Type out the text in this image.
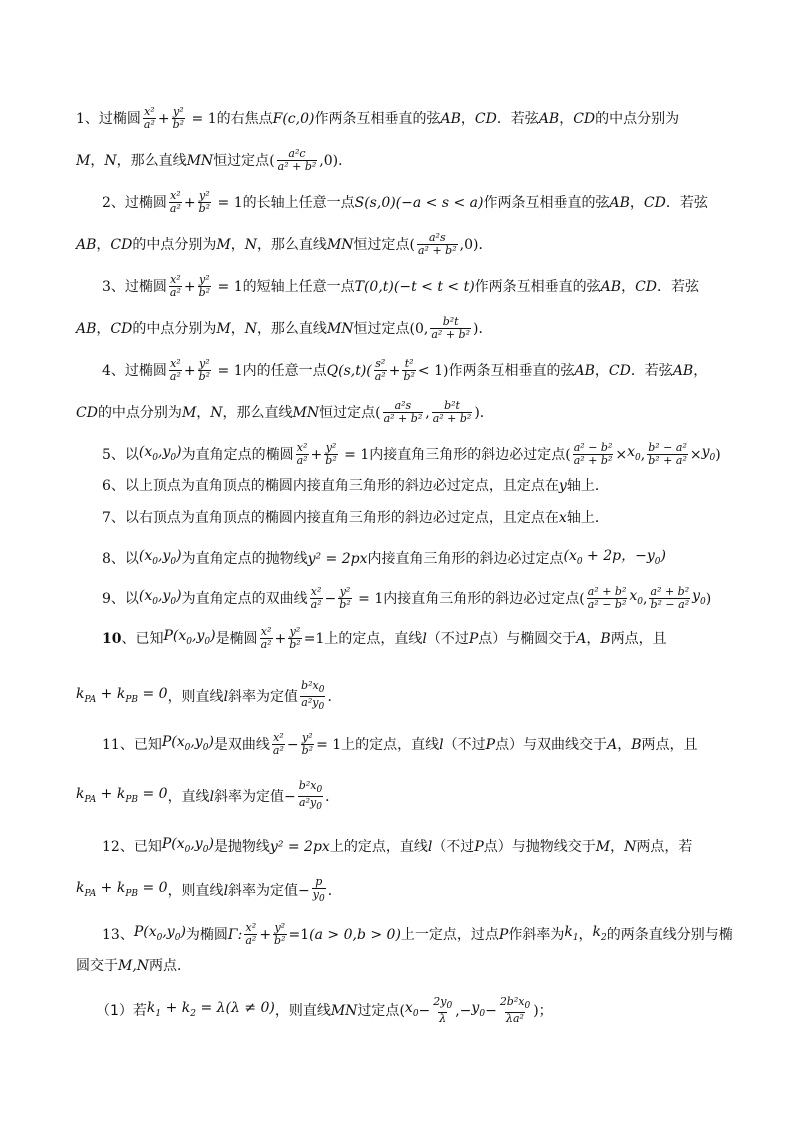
1、 过椭圆 x²
a² + y²
b² = 1 的右焦点 F(c,0) 作两条互相垂直的弦 AB ， CD ．若弦 AB ， CD 的中点分别为
M ， N ，那么直线 MN 恒过定点 ( a²c
a² + b² ,0) ．
2、 过椭圆 x²
a² + y²
b² = 1 的长轴上任意一点 S(s,0)(−a < s < a) 作两条互相垂直的弦 AB ， CD ．若弦
AB ， CD 的中点分别为 M ， N ，那么直线 MN 恒过定点 ( a²s
a² + b² ,0) ．
3、 过椭圆 x²
a² + y²
b² = 1 的短轴上任意一点 T(0,t)(−t < t < t) 作两条互相垂直的弦 AB ， CD ．若弦
AB ， CD 的中点分别为 M ， N ，那么直线 MN 恒过定点 (0, b²t
a² + b² ) ．
4、 过椭圆 x²
a² + y²
b² = 1 内的任意一点 Q(s,t)( s²
a² + t²
b² < 1) 作两条互相垂直的弦 AB ， CD ．若弦 AB ，
CD 的中点分别为 M ， N ，那么直线 MN 恒过定点 ( a²s
a² + b² , b²t
a² + b² ) ．
5、 以 $(x_0,y_0)$ 为直角定点的椭圆 x²
a² + y²
b² = 1 内接直角三角形的斜边必过定点 ( a² − b²
$a^2 + b^2 \times x_0$ , b² − a²
$b^2 + a^2 \times y_0$ )
6、 以上顶点为直角顶点的椭圆内接直角三角形的斜边必过定点，且定点在 y 轴上．
7、 以右顶点为直角顶点的椭圆内接直角三角形的斜边必过定点，且定点在 x 轴上．
8、 以 $(x_0,y_0)$ 为直角定点的抛物线 y² = 2px 内接直角三角形的斜边必过定点 ($x_0 + 2p$，$-y_0$)
9、 以 $(x_0,y_0)$ 为直角定点的双曲线 x²
a² − y²
b² = 1 内接直角三角形的斜边必过定点 ( a² + b²
a² − b²
$x_0$ , a² + b²
b² − a²
$y_0$ )
10 、 已知 $P(x_0,y_0)$ 是椭圆 x²
a² + y²
b² =1 上的定点，直线 l （不过 P 点）与椭圆交于 A ， B 两点，且
$k_{PA} + k_{PB} = 0$ ，则直线 l 斜率为定值
$b^2x_0$
$a^2y_0$
．
11、 已知 $P(x_0,y_0)$ 是双曲线 x²
a² − y²
b² = 1 上的定点，直线 l （不过 P 点）与双曲线交于 A ， B 两点，且
$k_{PA} + k_{PB} = 0$ ，直线 l 斜率为定值 −
$b^2x_0$
$a^2y_0$
．
12、 已知 $P(x_0,y_0)$ 是抛物线 y² = 2px 上的定点，直线 l （不过 P 点）与抛物线交于 M ， N 两点，若
$k_{PA} + k_{PB} = 0$ ，则直线 l 斜率为定值 −
p
$y_0$
．
13、 $P(x_0,y_0)$ 为椭圆 Γ: x²
a² + y²
b² =1 (a > 0,b > 0) 上一定点，过点 P 作斜率为 $k_1$ ， $k_2$ 的两条直线分别与椭
圆交于 M,N 两点．
（1）若 $k_1 + k_2 = \lambda(\lambda \ne 0)$ ，则直线 MN 过定点 ( $x_0$ −
$2y_0$
λ
,− $y_0$ −
$2b^2x_0$
λa²
) ；
